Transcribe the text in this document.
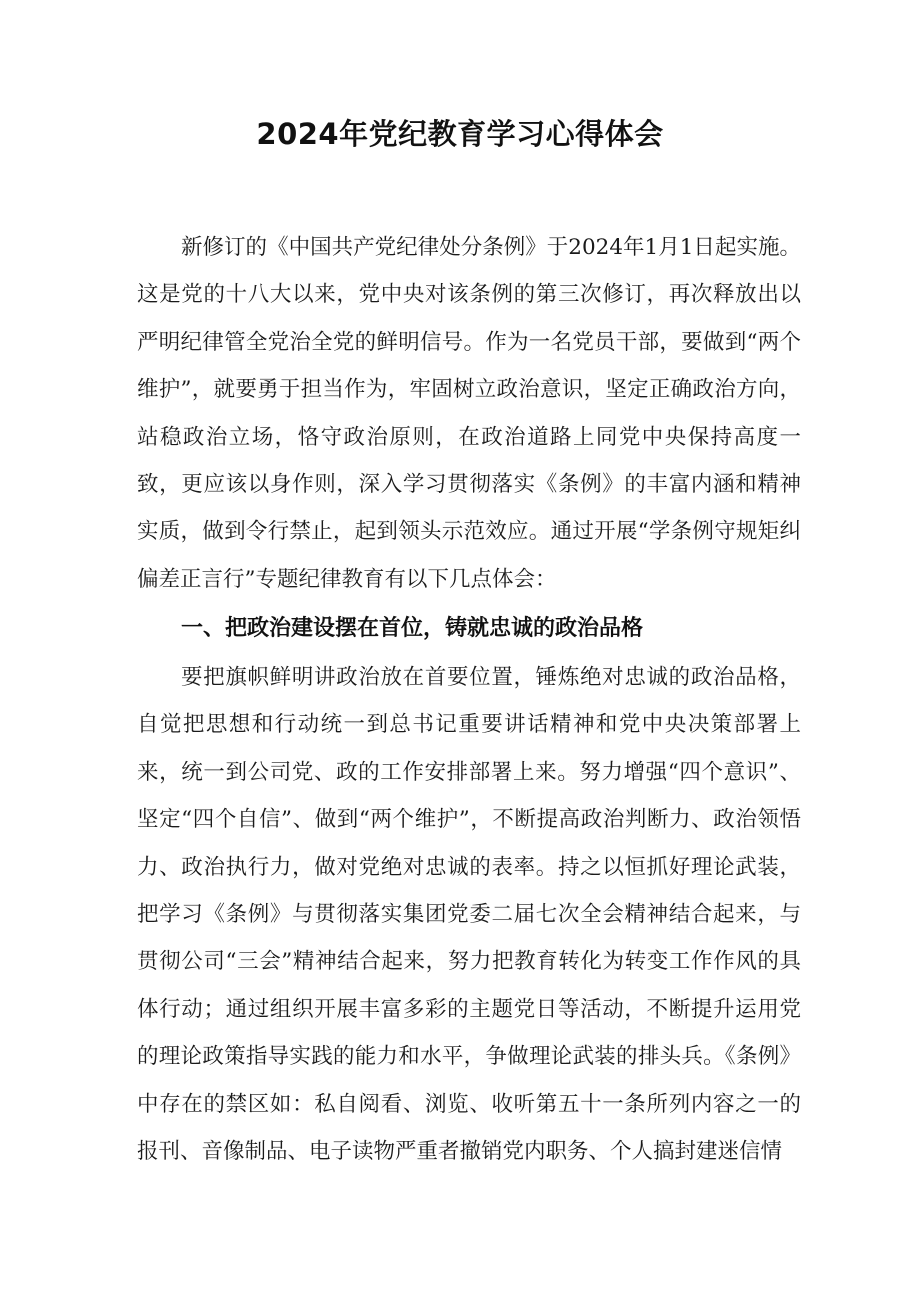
2024年党纪教育学习心得体会

新修订的《中国共产党纪律处分条例》于2024年1月1日起实施。这是党的十八大以来，党中央对该条例的第三次修订，再次释放出以严明纪律管全党治全党的鲜明信号。作为一名党员干部，要做到“两个维护”，就要勇于担当作为，牢固树立政治意识，坚定正确政治方向，站稳政治立场，恪守政治原则，在政治道路上同党中央保持高度一致，更应该以身作则，深入学习贯彻落实《条例》的丰富内涵和精神实质，做到令行禁止，起到领头示范效应。通过开展“学条例守规矩纠偏差正言行”专题纪律教育有以下几点体会：

一、把政治建设摆在首位，铸就忠诚的政治品格

要把旗帜鲜明讲政治放在首要位置，锤炼绝对忠诚的政治品格，自觉把思想和行动统一到总书记重要讲话精神和党中央决策部署上来，统一到公司党、政的工作安排部署上来。努力增强“四个意识”、坚定“四个自信”、做到“两个维护”，不断提高政治判断力、政治领悟力、政治执行力，做对党绝对忠诚的表率。持之以恒抓好理论武装，把学习《条例》与贯彻落实集团党委二届七次全会精神结合起来，与贯彻公司“三会”精神结合起来，努力把教育转化为转变工作作风的具体行动；通过组织开展丰富多彩的主题党日等活动，不断提升运用党的理论政策指导实践的能力和水平，争做理论武装的排头兵。《条例》中存在的禁区如：私自阅看、浏览、收听第五十一条所列内容之一的报刊、音像制品、电子读物严重者撤销党内职务、个人搞封建迷信情
